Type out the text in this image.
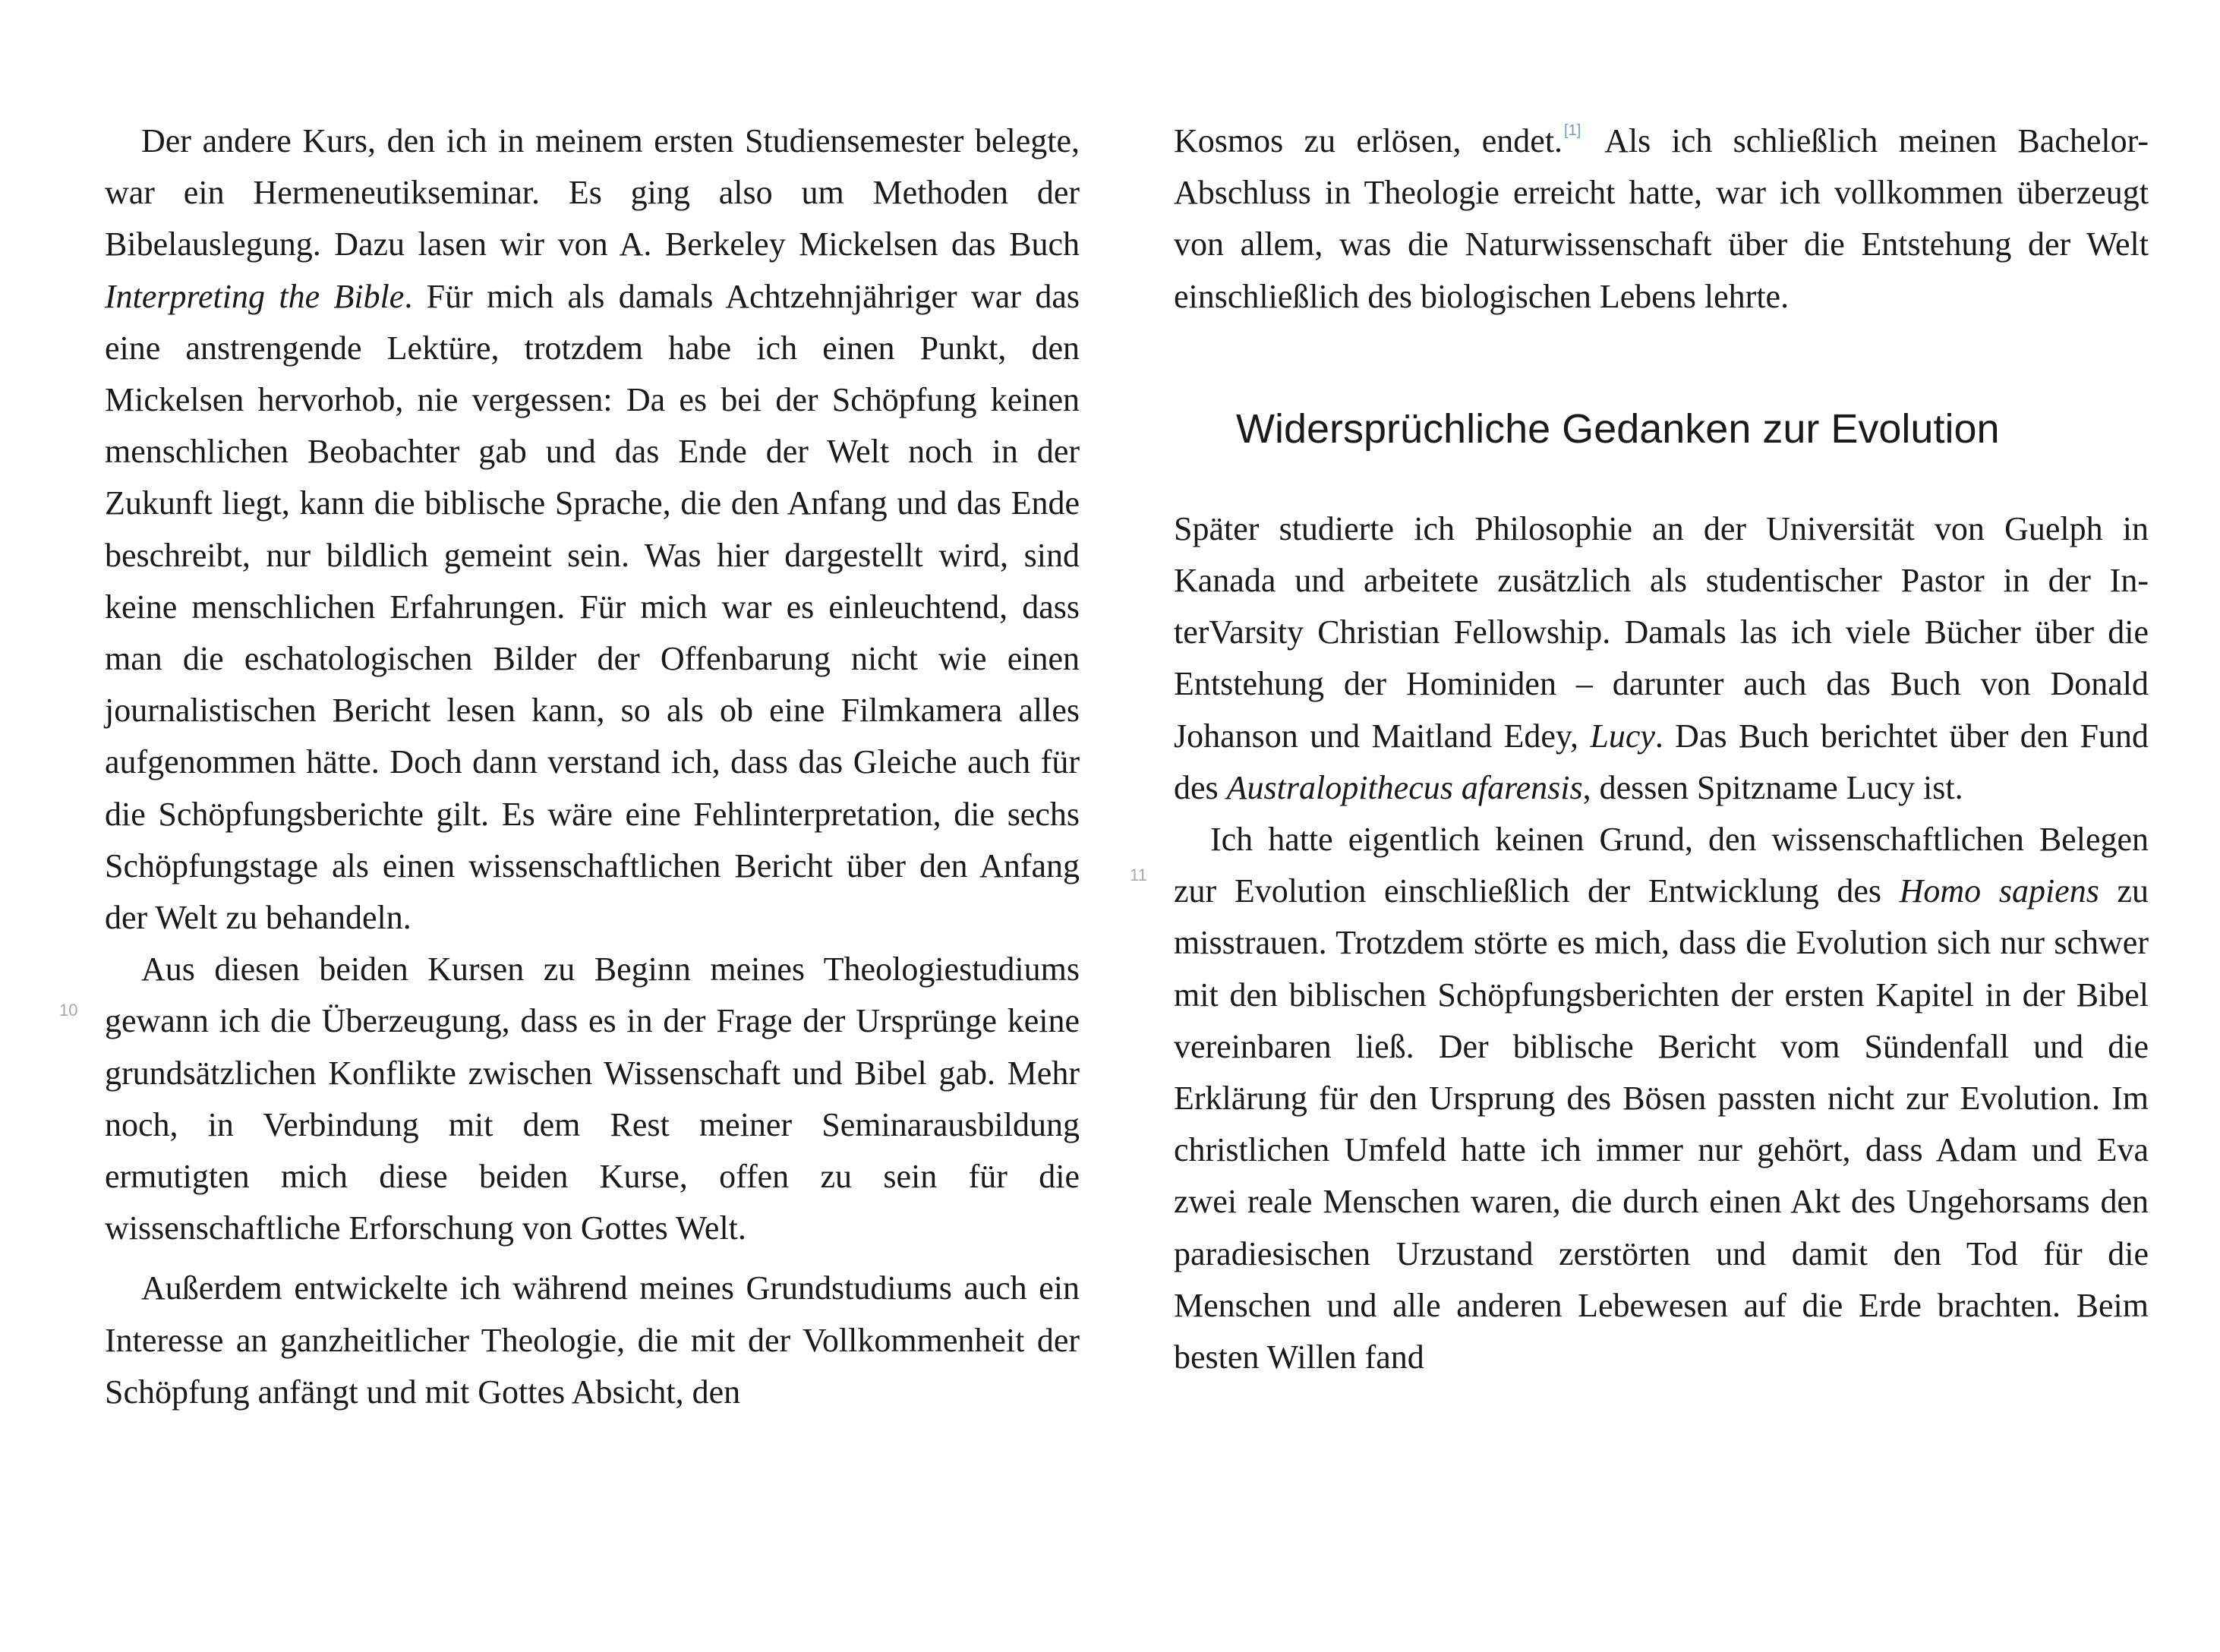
10
11

Der andere Kurs, den ich in meinem ersten Studiensemester belegte, war ein Hermeneutikseminar. Es ging also um Methoden der Bibelauslegung. Dazu lasen wir von A. Berkeley Mickelsen das Buch Interpreting the Bible. Für mich als damals Achtzehnjähriger war das eine anstrengende Lektüre, trotzdem habe ich einen Punkt, den Mickelsen hervorhob, nie vergessen: Da es bei der Schöpfung keinen menschlichen Beobachter gab und das Ende der Welt noch in der Zukunft liegt, kann die biblische Sprache, die den Anfang und das Ende beschreibt, nur bildlich gemeint sein. Was hier dargestellt wird, sind keine menschlichen Erfahrungen. Für mich war es einleuchtend, dass man die eschatologischen Bilder der Offenbarung nicht wie einen journalistischen Bericht lesen kann, so als ob eine Filmkamera alles aufgenommen hätte. Doch dann verstand ich, dass das Gleiche auch für die Schöpfungsberichte gilt. Es wäre eine Fehlinterpretation, die sechs Schöpfungstage als einen wissenschaftlichen Bericht über den Anfang der Welt zu behandeln.

Aus diesen beiden Kursen zu Beginn meines Theologiestudiums gewann ich die Überzeugung, dass es in der Frage der Ursprünge keine grundsätzlichen Konflikte zwischen Wissenschaft und Bibel gab. Mehr noch, in Verbindung mit dem Rest meiner Seminarausbildung ermutigten mich diese beiden Kurse, offen zu sein für die wissenschaftliche Erforschung von Gottes Welt.

Außerdem entwickelte ich während meines Grundstudiums auch ein Interesse an ganzheitlicher Theologie, die mit der Vollkommenheit der Schöpfung anfängt und mit Gottes Absicht, den

Kosmos zu erlösen, endet. [1] Als ich schließlich meinen Bachelor-Abschluss in Theologie erreicht hatte, war ich vollkommen überzeugt von allem, was die Naturwissenschaft über die Entstehung der Welt einschließlich des biologischen Lebens lehrte.

Widersprüchliche Gedanken zur Evolution

Später studierte ich Philosophie an der Universität von Guelph in Kanada und arbeitete zusätzlich als studentischer Pastor in der InterVarsity Christian Fellowship. Damals las ich viele Bücher über die Entstehung der Hominiden – darunter auch das Buch von Donald Johanson und Maitland Edey, Lucy. Das Buch berichtet über den Fund des Australopithecus afarensis, dessen Spitzname Lucy ist.

Ich hatte eigentlich keinen Grund, den wissenschaftlichen Belegen zur Evolution einschließlich der Entwicklung des Homo sapiens zu misstrauen. Trotzdem störte es mich, dass die Evolution sich nur schwer mit den biblischen Schöpfungsberichten der ersten Kapitel in der Bibel vereinbaren ließ. Der biblische Bericht vom Sündenfall und die Erklärung für den Ursprung des Bösen passten nicht zur Evolution. Im christlichen Umfeld hatte ich immer nur gehört, dass Adam und Eva zwei reale Menschen waren, die durch einen Akt des Ungehorsams den paradiesischen Urzustand zerstörten und damit den Tod für die Menschen und alle anderen Lebewesen auf die Erde brachten. Beim besten Willen fand
